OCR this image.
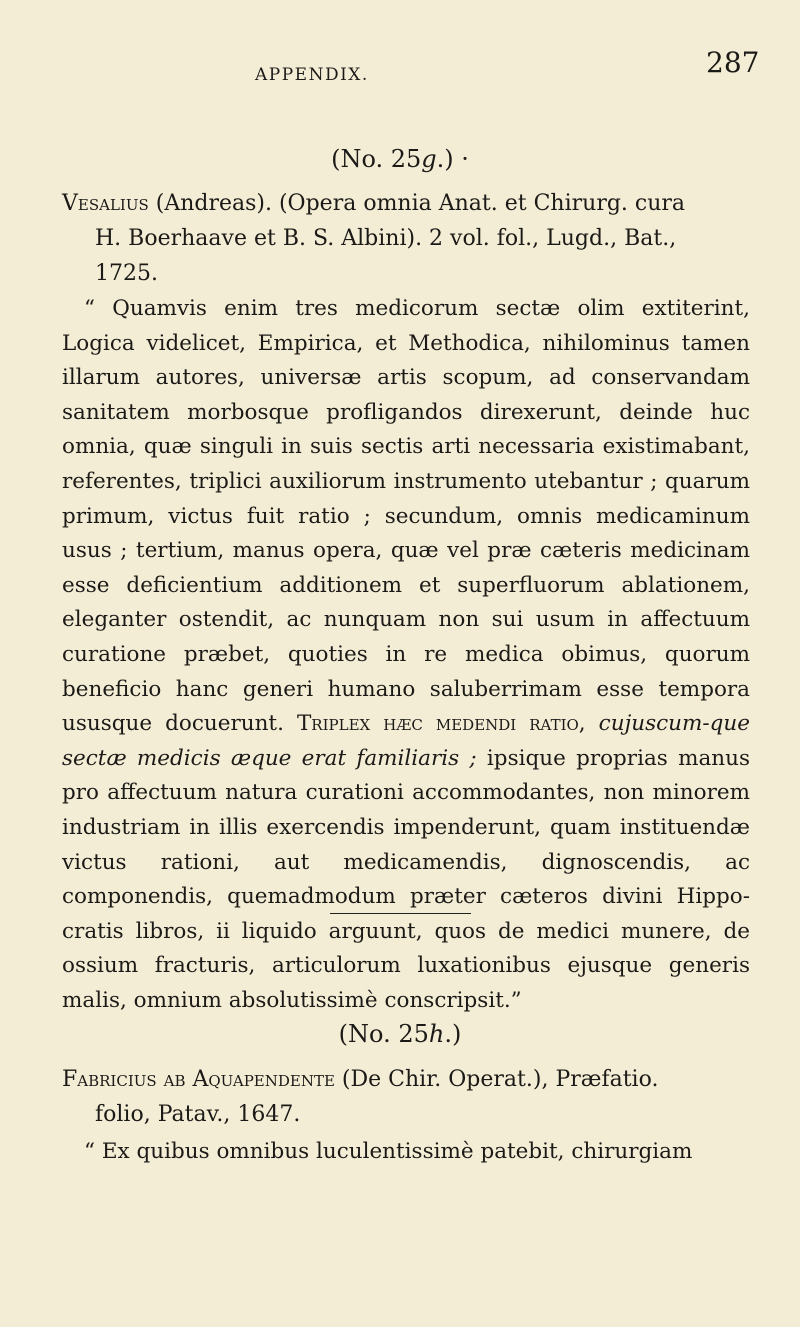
APPENDIX.	287
(No. 25g.) ·
Vesalius (Andreas). (Opera omnia Anat. et Chirurg. cura
H. Boerhaave et B. S. Albini). 2 vol. fol., Lugd., Bat.,
1725.

“ Quamvis enim tres medicorum sectæ olim extiterint, Logica videlicet, Empirica, et Methodica, nihilominus tamen illarum autores, universæ artis scopum, ad conservandam sanitatem morbosque profligandos direxerunt, deinde huc omnia, quæ singuli in suis sectis arti necessaria existimabant, referentes, triplici auxiliorum instrumento utebantur ; quarum primum, victus fuit ratio ; secundum, omnis medicaminum usus ; tertium, manus opera, quæ vel præ cæteris medicinam esse deficientium additionem et superfluorum ablationem, eleganter ostendit, ac nunquam non sui usum in affectuum curatione præbet, quoties in re medica obimus, quorum beneficio hanc generi humano saluberrimam esse tempora ususque docuerunt. Triplex hæc medendi ratio, cujuscum-que sectæ medicis æque erat familiaris ; ipsique proprias manus pro affectuum natura curationi accommodantes, non minorem industriam in illis exercendis impenderunt, quam instituendæ victus rationi, aut medicamendis, dignoscendis, ac componendis, quemadmodum præter cæteros divini Hippo-cratis libros, ii liquido arguunt, quos de medici munere, de ossium fracturis, articulorum luxationibus ejusque generis malis, omnium absolutissimè conscripsit.”

(No. 25h.)
Fabricius ab Aquapendente (De Chir. Operat.), Præfatio.
folio, Patav., 1647.

“ Ex quibus omnibus luculentissimè patebit, chirurgiam
